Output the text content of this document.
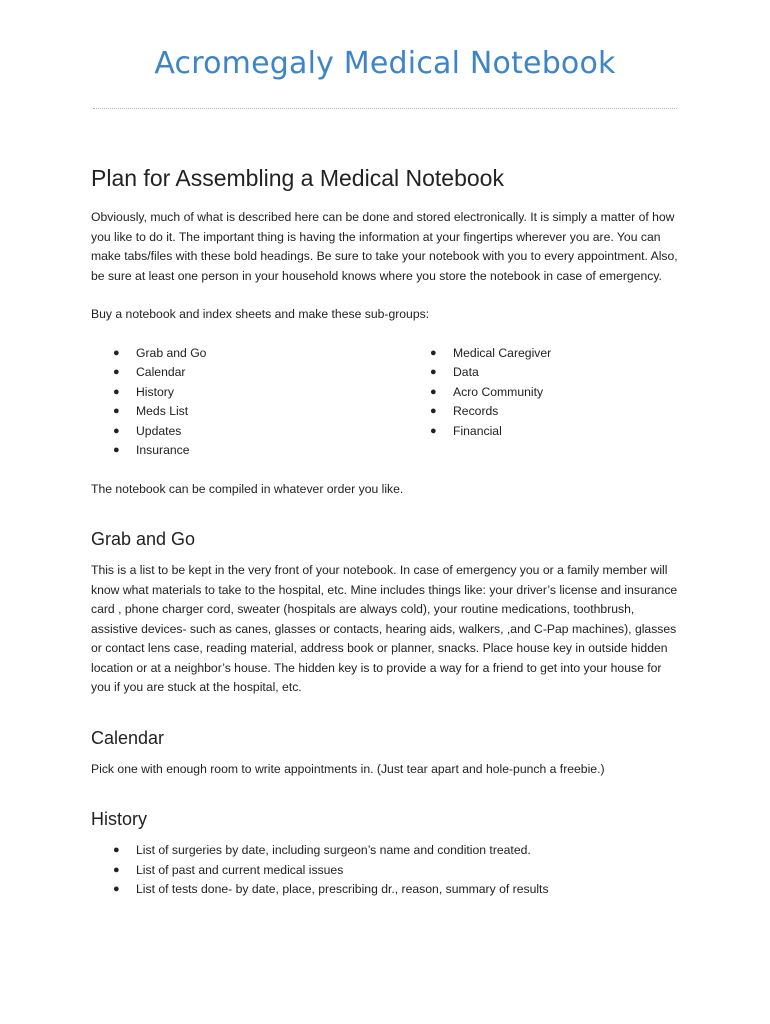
Acromegaly Medical Notebook
Plan for Assembling a Medical Notebook

Obviously, much of what is described here can be done and stored electronically. It is simply a matter of how you like to do it. The important thing is having the information at your fingertips wherever you are. You can make tabs/files with these bold headings. Be sure to take your notebook with you to every appointment. Also, be sure at least one person in your household knows where you store the notebook in case of emergency.

Buy a notebook and index sheets and make these sub-groups:

● Grab and Go
● Calendar
● History
● Meds List
● Updates
● Insurance
● Medical Caregiver
● Data
● Acro Community
● Records
● Financial

The notebook can be compiled in whatever order you like.

Grab and Go

This is a list to be kept in the very front of your notebook. In case of emergency you or a family member will know what materials to take to the hospital, etc. Mine includes things like: your driver’s license and insurance card , phone charger cord, sweater (hospitals are always cold), your routine medications, toothbrush, assistive devices- such as canes, glasses or contacts, hearing aids, walkers, ,and C-Pap machines), glasses or contact lens case, reading material, address book or planner, snacks. Place house key in outside hidden location or at a neighbor’s house. The hidden key is to provide a way for a friend to get into your house for you if you are stuck at the hospital, etc.

Calendar

Pick one with enough room to write appointments in. (Just tear apart and hole-punch a freebie.)

History
● List of surgeries by date, including surgeon’s name and condition treated.
● List of past and current medical issues
● List of tests done- by date, place, prescribing dr., reason, summary of results
